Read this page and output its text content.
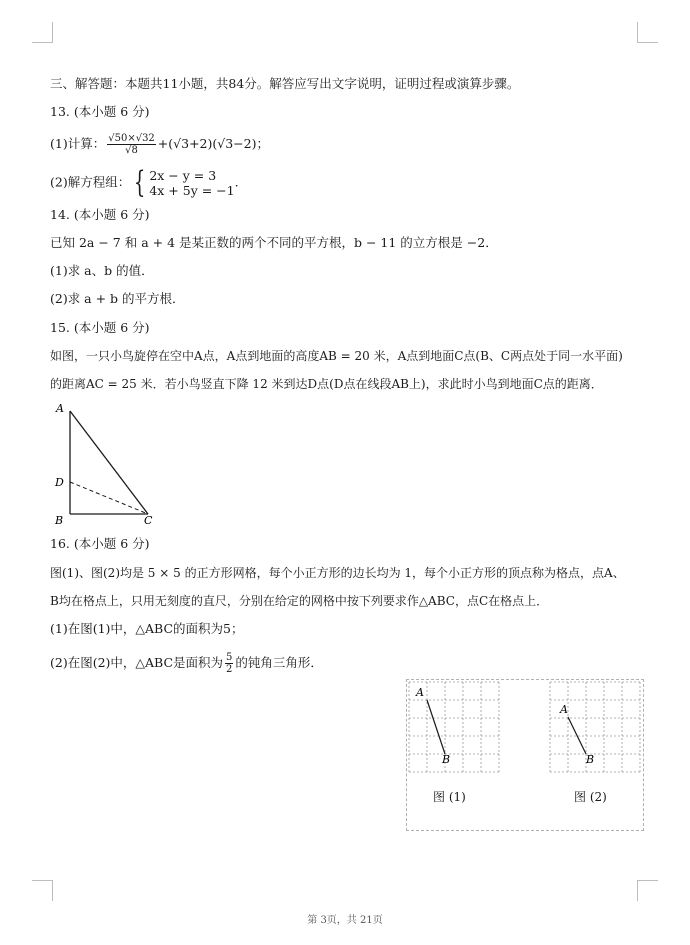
三、解答题：本题共11小题，共84分。解答应写出文字说明，证明过程或演算步骤。
13. (本小题 6 分)
(1)计算： $\frac{√50\times√32}{√8} +(√3+2)(√3-2)$；
(2)解方程组： { 2x − y = 3
4x + 5y = −1
.
14. (本小题 6 分)
已知 2a − 7 和 a + 4 是某正数的两个不同的平方根，b − 11 的立方根是 −2．
(1)求 a、b 的值．
(2)求 a + b 的平方根．
15. (本小题 6 分)
如图，一只小鸟旋停在空中A点，A点到地面的高度AB = 20 米，A点到地面C点(B、C两点处于同一水平面)
的距离AC = 25 米．若小鸟竖直下降 12 米到达D点(D点在线段AB上)，求此时小鸟到地面C点的距离．
A
D
B	C
16. (本小题 6 分)
图(1)、图(2)均是 5 × 5 的正方形网格，每个小正方形的边长均为 1，每个小正方形的顶点称为格点，点A、
B均在格点上，只用无刻度的直尺，分别在给定的网格中按下列要求作△ABC，点C在格点上．
(1)在图(1)中，△ABC的面积为5；
(2)在图(2)中，△ABC是面积为 $\frac{5}{2}$ 的钝角三角形．
A
B
A
B
图 (1)	图 (2)
第 3页，共 21页
